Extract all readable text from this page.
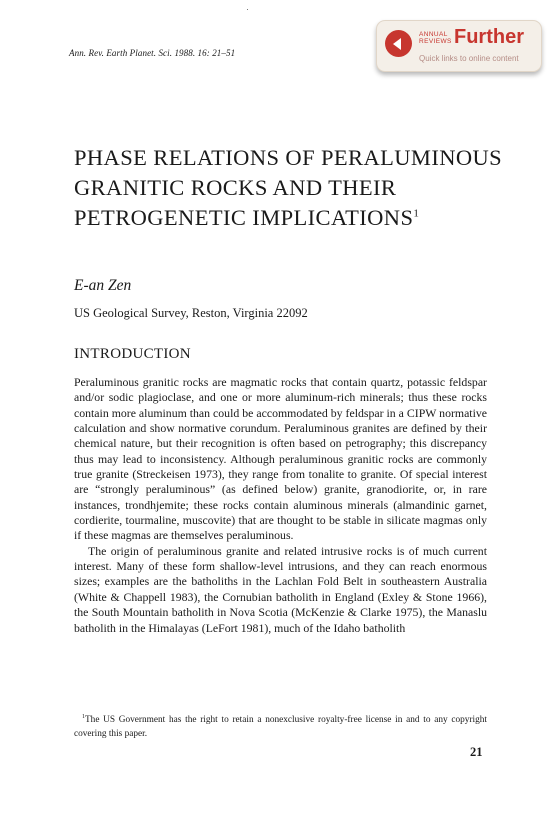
Ann. Rev. Earth Planet. Sci. 1988. 16: 21–51
ANNUAL
REVIEWS Further
Quick links to online content
PHASE RELATIONS OF PERALUMINOUS GRANITIC ROCKS AND THEIR PETROGENETIC IMPLICATIONS$^1$
E-an Zen
US Geological Survey, Reston, Virginia 22092
INTRODUCTION

Peraluminous granitic rocks are magmatic rocks that contain quartz, potassic feldspar and/or sodic plagioclase, and one or more aluminum-rich minerals; thus these rocks contain more aluminum than could be accommodated by feldspar in a CIPW normative calculation and show normative corundum. Peraluminous granites are defined by their chemical nature, but their recognition is often based on petrography; this discrepancy thus may lead to inconsistency. Although peraluminous granitic rocks are commonly true granite (Streckeisen 1973), they range from tonalite to granite. Of special interest are “strongly peraluminous” (as defined below) granite, granodiorite, or, in rare instances, trondhjemite; these rocks contain aluminous minerals (almandinic garnet, cordierite, tourmaline, muscovite) that are thought to be stable in silicate magmas only if these magmas are themselves peraluminous.

The origin of peraluminous granite and related intrusive rocks is of much current interest. Many of these form shallow-level intrusions, and they can reach enormous sizes; examples are the batholiths in the Lachlan Fold Belt in southeastern Australia (White & Chappell 1983), the Cornubian batholith in England (Exley & Stone 1966), the South Mountain batholith in Nova Scotia (McKenzie & Clarke 1975), the Manaslu batholith in the Himalayas (LeFort 1981), much of the Idaho batholith

$^1$The US Government has the right to retain a nonexclusive royalty-free license in and to any copyright covering this paper.

21
